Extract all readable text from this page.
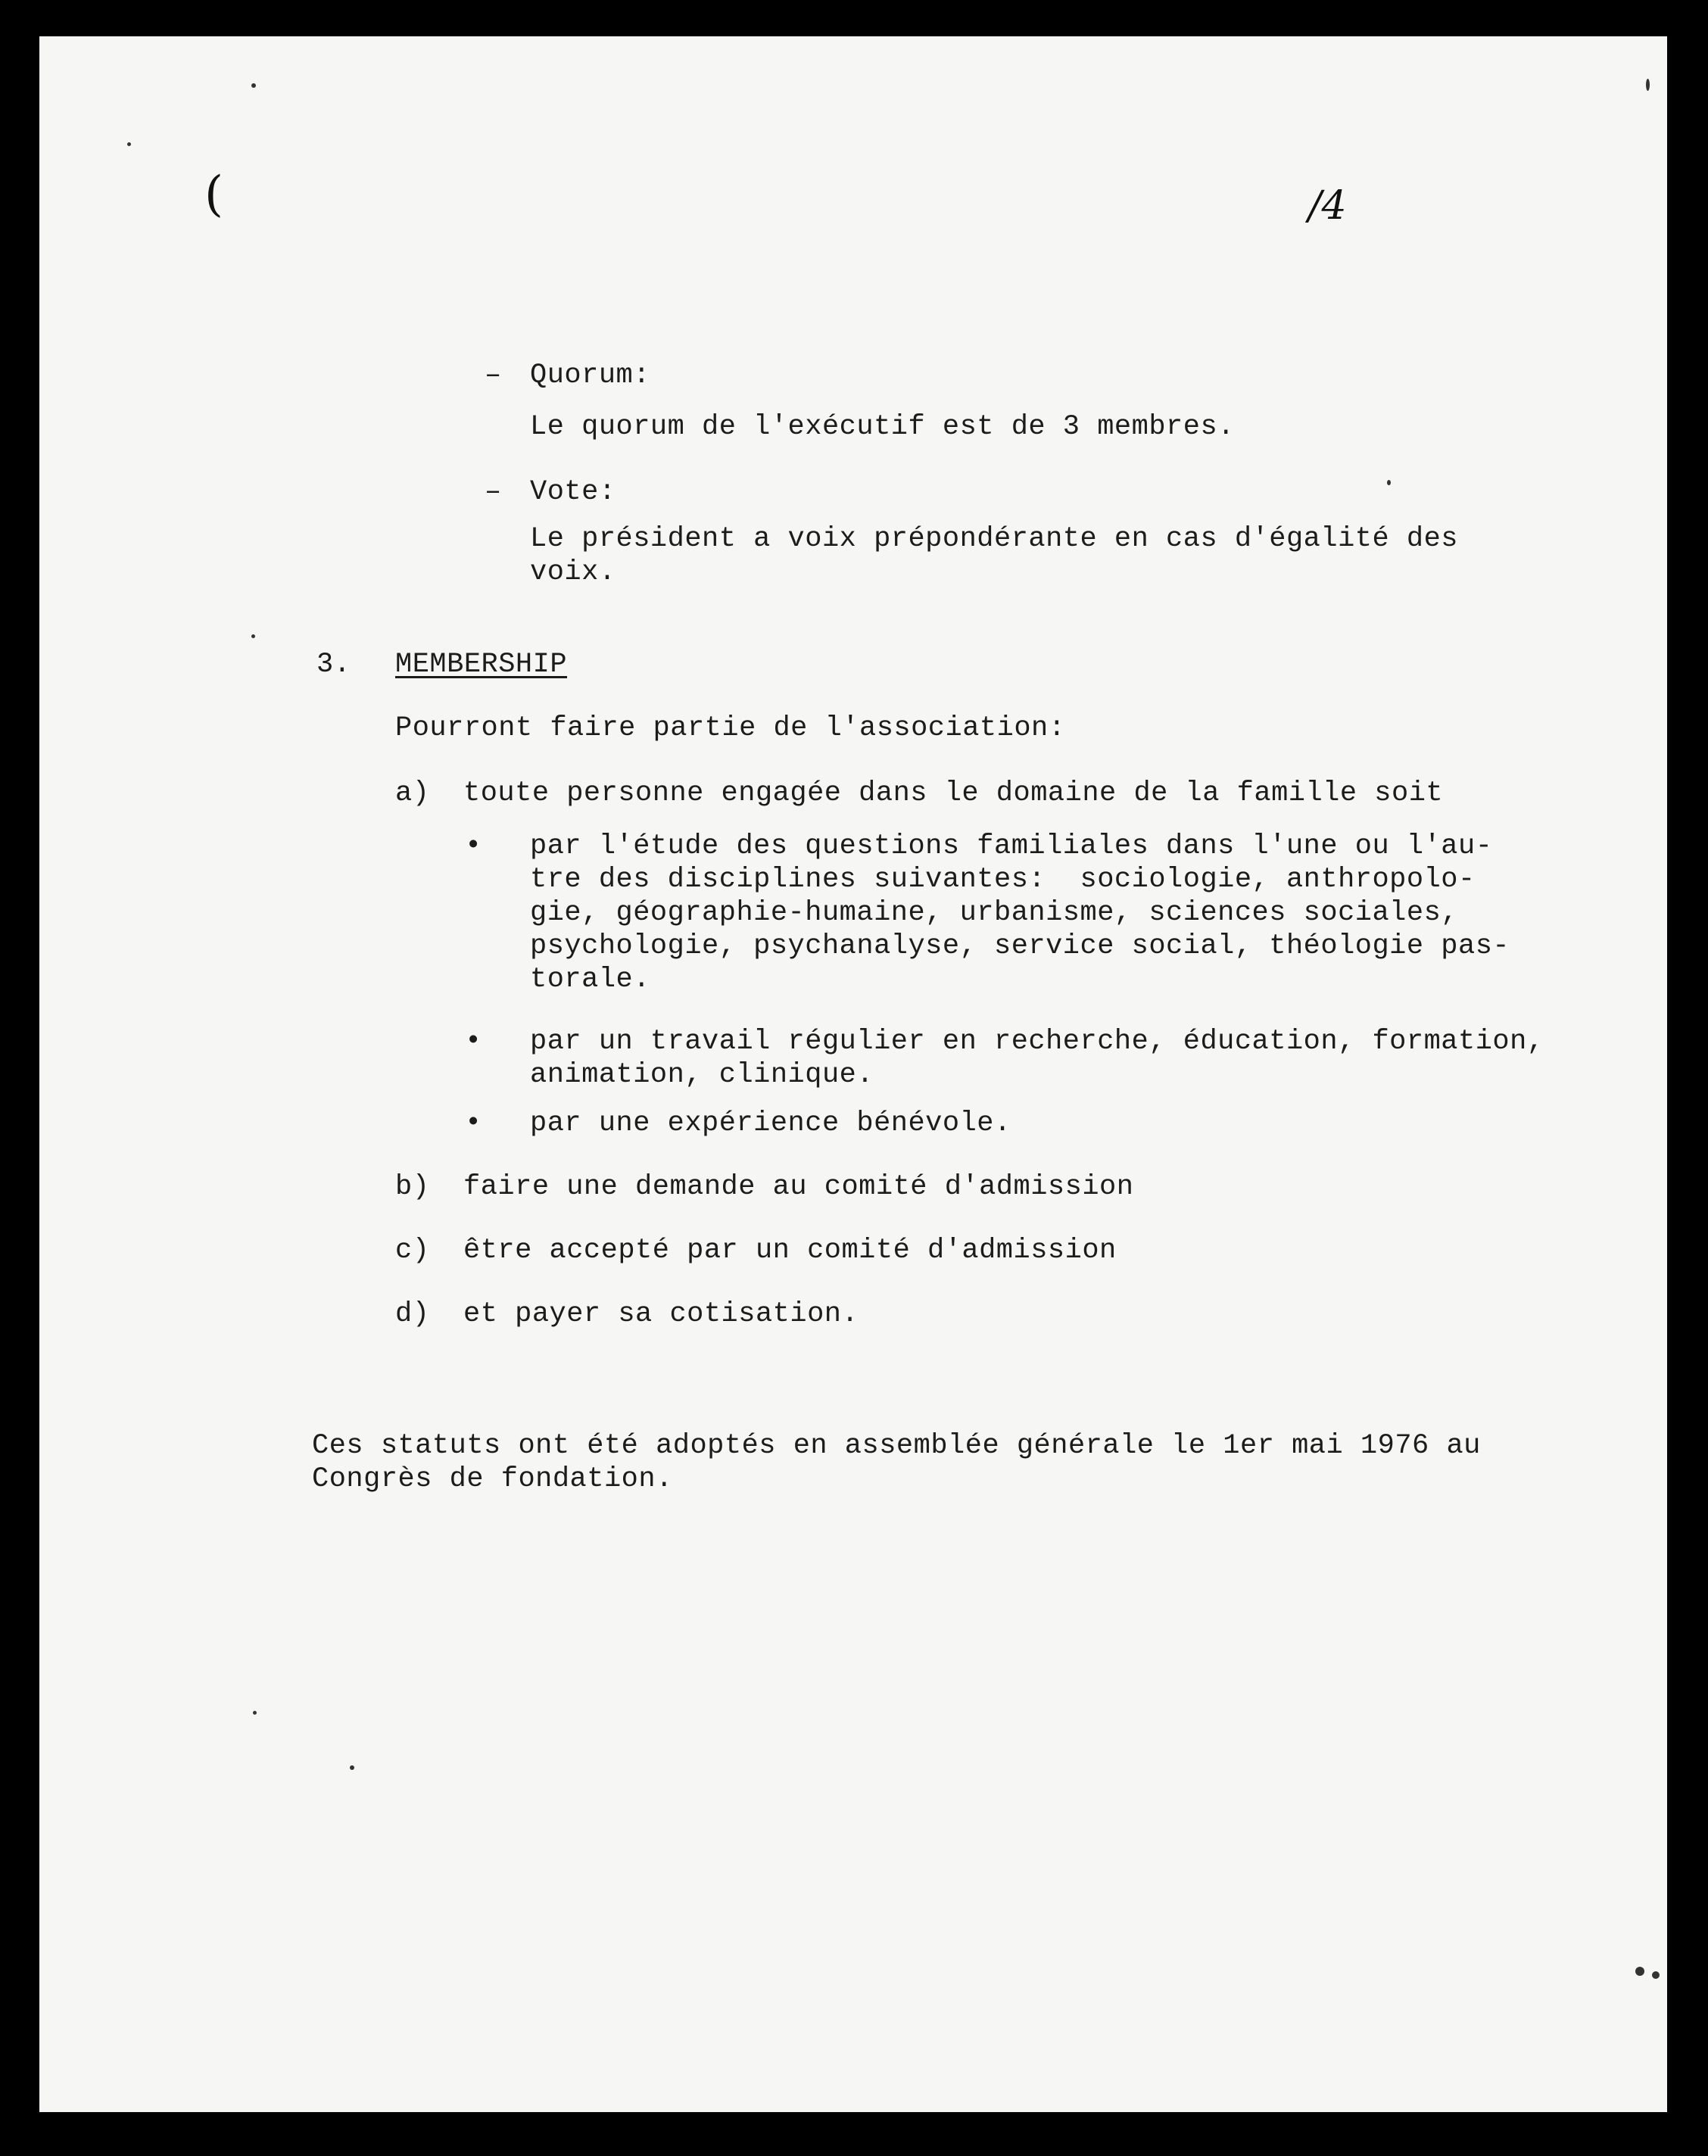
(	/4
– Quorum:
Le quorum de l'exécutif est de 3 membres.
– Vote:
Le président a voix prépondérante en cas d'égalité des
voix.
3. MEMBERSHIP
Pourront faire partie de l'association:
a) toute personne engagée dans le domaine de la famille soit
• par l'étude des questions familiales dans l'une ou l'au-
tre des disciplines suivantes:  sociologie, anthropolo-
gie, géographie-humaine, urbanisme, sciences sociales,
psychologie, psychanalyse, service social, théologie pas-
torale.
• par un travail régulier en recherche, éducation, formation,
animation, clinique.
• par une expérience bénévole.
b) faire une demande au comité d'admission
c) être accepté par un comité d'admission
d) et payer sa cotisation.
Ces statuts ont été adoptés en assemblée générale le 1er mai 1976 au
Congrès de fondation.
